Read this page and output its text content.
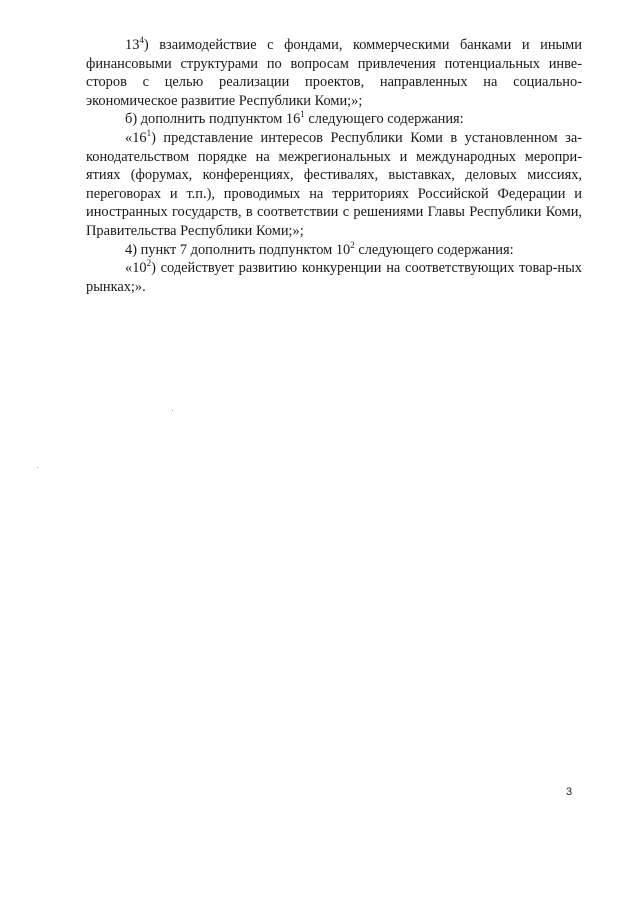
$13^4$) взаимодействие с фондами, коммерческими банками и иными финансовыми структурами по вопросам привлечения потенциальных инве-сторов с целью реализации проектов, направленных на социально-экономическое развитие Республики Коми;»;

б) дополнить подпунктом $16^1$ следующего содержания:

«$16^1$) представление интересов Республики Коми в установленном за-конодательством порядке на межрегиональных и международных меропри-ятиях (форумах, конференциях, фестивалях, выставках, деловых миссиях, переговорах и т.п.), проводимых на территориях Российской Федерации и иностранных государств, в соответствии с решениями Главы Республики Коми, Правительства Республики Коми;»;

4) пункт 7 дополнить подпунктом $10^2$ следующего содержания:

«$10^2$) содействует развитию конкуренции на соответствующих товар-ных рынках;».

3
